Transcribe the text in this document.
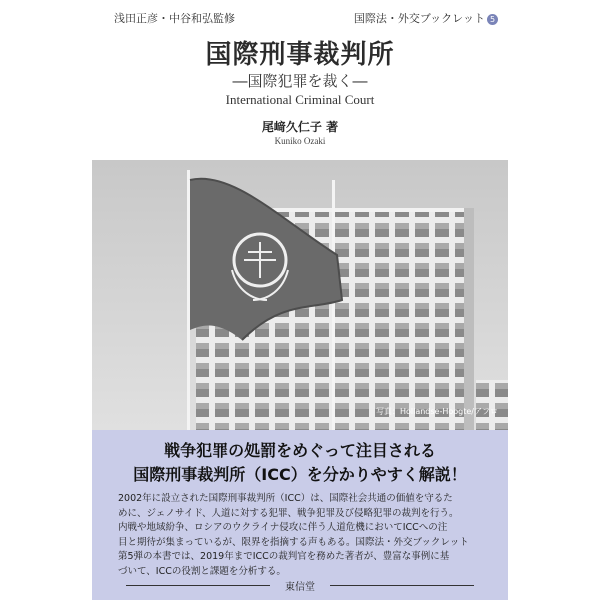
浅田正彦・中谷和弘監修	国際法・外交ブックレット 5
国際刑事裁判所
―国際犯罪を裁く―
International Criminal Court
尾﨑久仁子 著
Kuniko Ozaki
写真：Hollandse-Hoogte/アフロ
戦争犯罪の処罰をめぐって注目される
国際刑事裁判所（ICC）を分かりやすく解説！
2002年に設立された国際刑事裁判所（ICC）は、国際社会共通の価値を守るた
めに、ジェノサイド、人道に対する犯罪、戦争犯罪及び侵略犯罪の裁判を行う。
内戦や地域紛争、ロシアのウクライナ侵攻に伴う人道危機においてICCへの注
目と期待が集まっているが、限界を指摘する声もある。国際法・外交ブックレット
第5弾の本書では、2019年までICCの裁判官を務めた著者が、豊富な事例に基
づいて、ICCの役割と課題を分析する。
東信堂
